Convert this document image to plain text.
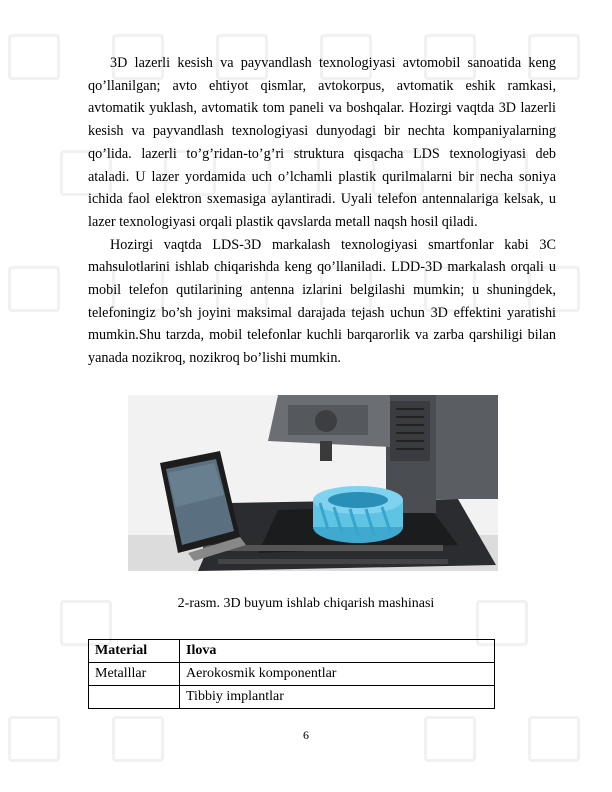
3D lazerli kesish va payvandlash texnologiyasi avtomobil sanoatida keng qo’llanilgan; avto ehtiyot qismlar, avtokorpus, avtomatik eshik ramkasi, avtomatik yuklash, avtomatik tom paneli va boshqalar. Hozirgi vaqtda 3D lazerli kesish va payvandlash texnologiyasi dunyodagi bir nechta kompaniyalarning qo’lida. lazerli to’g’ridan-to’g’ri struktura qisqacha LDS texnologiyasi deb ataladi. U lazer yordamida uch o’lchamli plastik qurilmalarni bir necha soniya ichida faol elektron sxemasiga aylantiradi. Uyali telefon antennalariga kelsak, u lazer texnologiyasi orqali plastik qavslarda metall naqsh hosil qiladi.

Hozirgi vaqtda LDS-3D markalash texnologiyasi smartfonlar kabi 3C mahsulotlarini ishlab chiqarishda keng qo’llaniladi. LDD-3D markalash orqali u mobil telefon qutilarining antenna izlarini belgilashi mumkin; u shuningdek, telefoningiz bo’sh joyini maksimal darajada tejash uchun 3D effektini yaratishi mumkin.Shu tarzda, mobil telefonlar kuchli barqarorlik va zarba qarshiligi bilan yanada nozikroq, nozikroq bo’lishi mumkin.

2-rasm. 3D buyum ishlab chiqarish mashinasi
Material	Ilova
Metalllar	Aerokosmik komponentlar
	Tibbiy implantlar
6
